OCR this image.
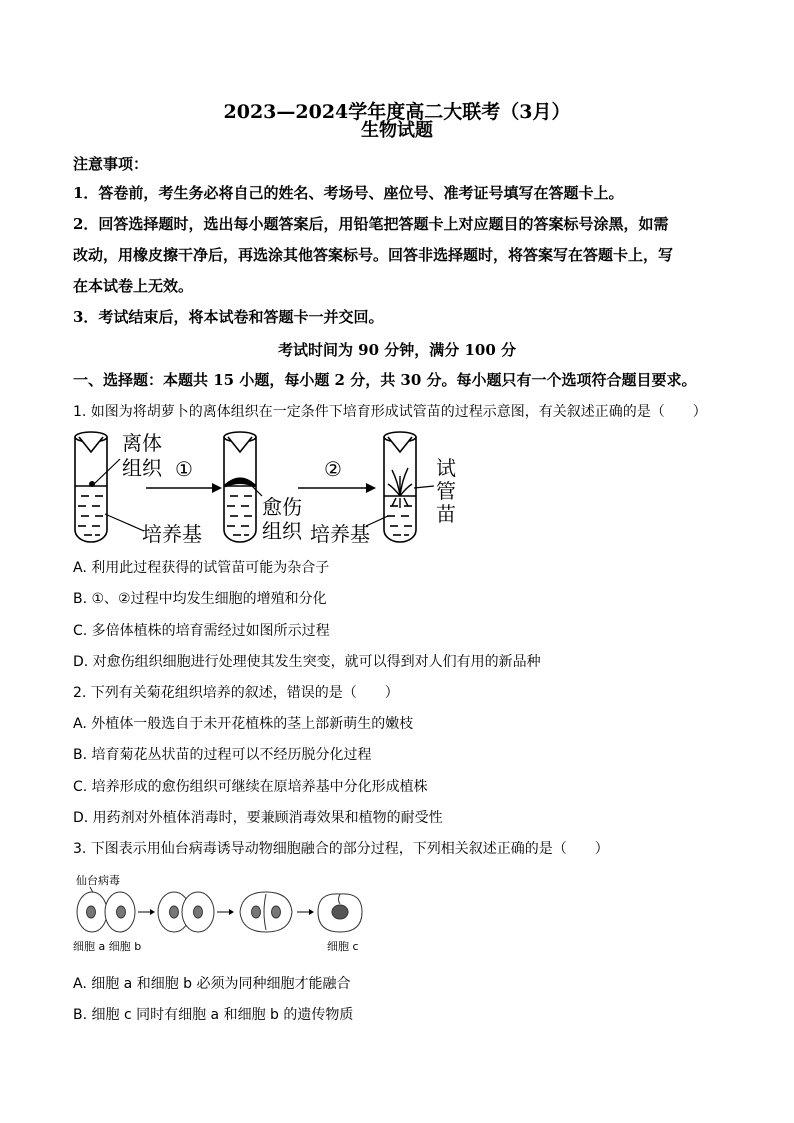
2023—2024学年度高二大联考（3月）
生物试题
注意事项：
1．答卷前，考生务必将自己的姓名、考场号、座位号、准考证号填写在答题卡上。
2．回答选择题时，选出每小题答案后，用铅笔把答题卡上对应题目的答案标号涂黑，如需
改动，用橡皮擦干净后，再选涂其他答案标号。回答非选择题时，将答案写在答题卡上，写
在本试卷上无效。
3．考试结束后，将本试卷和答题卡一并交回。
考试时间为 90 分钟，满分 100 分
一、选择题：本题共 15 小题，每小题 2 分，共 30 分。每小题只有一个选项符合题目要求。
1. 如图为将胡萝卜的离体组织在一定条件下培育形成试管苗的过程示意图，有关叙述正确的是（　　）
离体
组织 ①
愈伤
组织
培养基
②	试
管
苗
培养基
A. 利用此过程获得的试管苗可能为杂合子
B. ①、②过程中均发生细胞的增殖和分化
C. 多倍体植株的培育需经过如图所示过程
D. 对愈伤组织细胞进行处理使其发生突变，就可以得到对人们有用的新品种
2. 下列有关菊花组织培养的叙述，错误的是（　　）
A. 外植体一般选自于未开花植株的茎上部新萌生的嫩枝
B. 培育菊花丛状苗的过程可以不经历脱分化过程
C. 培养形成的愈伤组织可继续在原培养基中分化形成植株
D. 用药剂对外植体消毒时，要兼顾消毒效果和植物的耐受性
3. 下图表示用仙台病毒诱导动物细胞融合的部分过程，下列相关叙述正确的是（　　）
仙台病毒
细胞 a 细胞 b	细胞 c
A. 细胞 a 和细胞 b 必须为同种细胞才能融合
B. 细胞 c 同时有细胞 a 和细胞 b 的遗传物质
